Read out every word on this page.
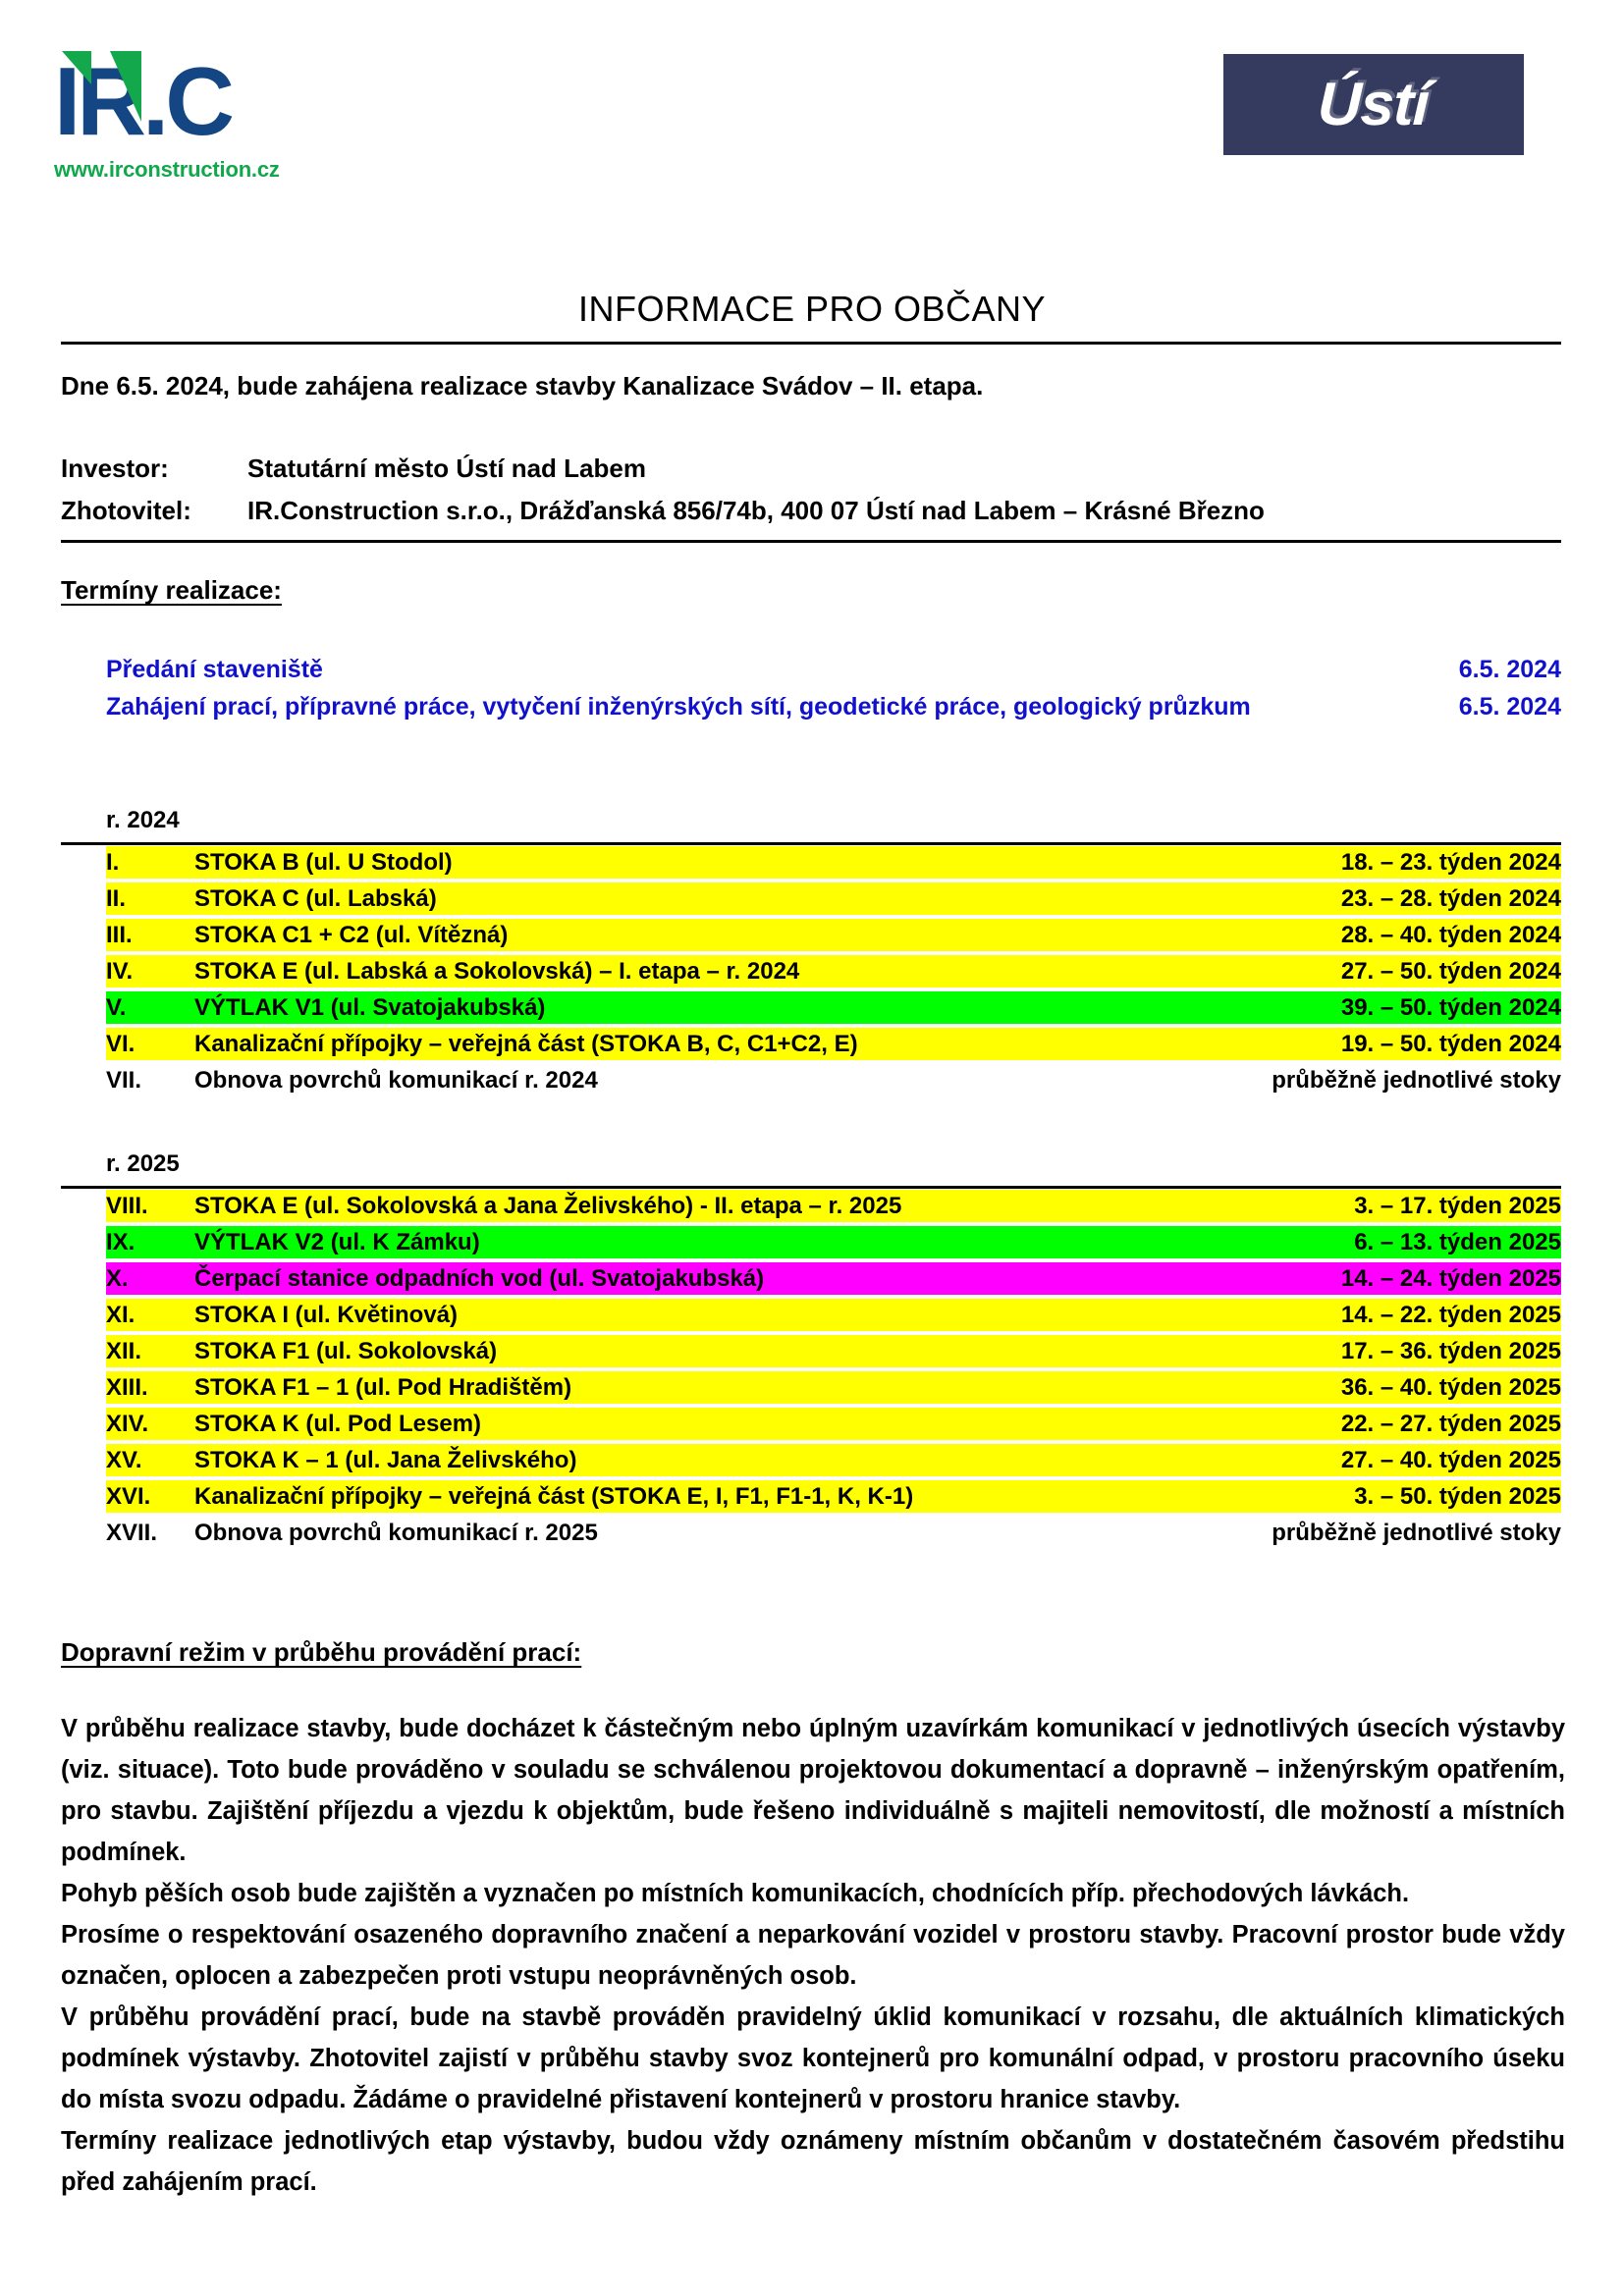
IR.C
www.irconstruction.cz
Ústí
INFORMACE PRO OBČANY
Dne 6.5. 2024, bude zahájena realizace stavby Kanalizace Svádov – II. etapa.
Investor:	Statutární město Ústí nad Labem
Zhotovitel: IR.Construction s.r.o., Drážďanská 856/74b, 400 07 Ústí nad Labem – Krásné Březno
Termíny realizace:
Předání staveniště	6.5. 2024
Zahájení prací, přípravné práce, vytyčení inženýrských sítí, geodetické práce, geologický průzkum	6.5. 2024
r. 2024
I.	STOKA B (ul. U Stodol)	18. – 23. týden 2024
II.	STOKA C (ul. Labská)	23. – 28. týden 2024
III.	STOKA C1 + C2 (ul. Vítězná)	28. – 40. týden 2024
IV.	STOKA E (ul. Labská a Sokolovská) – I. etapa – r. 2024	27. – 50. týden 2024
V.	VÝTLAK V1 (ul. Svatojakubská)	39. – 50. týden 2024
VI.	Kanalizační přípojky – veřejná část (STOKA B, C, C1+C2, E)	19. – 50. týden 2024
VII.	Obnova povrchů komunikací r. 2024	průběžně jednotlivé stoky
r. 2025
VIII.	STOKA E (ul. Sokolovská a Jana Želivského) - II. etapa – r. 2025	3. – 17. týden 2025
IX.	VÝTLAK V2 (ul. K Zámku)	6. – 13. týden 2025
X.	Čerpací stanice odpadních vod (ul. Svatojakubská)	14. – 24. týden 2025
XI.	STOKA I (ul. Květinová)	14. – 22. týden 2025
XII.	STOKA F1 (ul. Sokolovská)	17. – 36. týden 2025
XIII.	STOKA F1 – 1 (ul. Pod Hradištěm)	36. – 40. týden 2025
XIV.	STOKA K (ul. Pod Lesem)	22. – 27. týden 2025
XV.	STOKA K – 1 (ul. Jana Želivského)	27. – 40. týden 2025
XVI.	Kanalizační přípojky – veřejná část (STOKA E, I, F1, F1-1, K, K-1)	3. – 50. týden 2025
XVII.	Obnova povrchů komunikací r. 2025	průběžně jednotlivé stoky
Dopravní režim v průběhu provádění prací:

V průběhu realizace stavby, bude docházet k částečným nebo úplným uzavírkám komunikací v jednotlivých úsecích výstavby (viz. situace). Toto bude prováděno v souladu se schválenou projektovou dokumentací a dopravně – inženýrským opatřením, pro stavbu. Zajištění příjezdu a vjezdu k objektům, bude řešeno individuálně s majiteli nemovitostí, dle možností a místních podmínek.

Pohyb pěších osob bude zajištěn a vyznačen po místních komunikacích, chodnících příp. přechodových lávkách.

Prosíme o respektování osazeného dopravního značení a neparkování vozidel v prostoru stavby. Pracovní prostor bude vždy označen, oplocen a zabezpečen proti vstupu neoprávněných osob.

V průběhu provádění prací, bude na stavbě prováděn pravidelný úklid komunikací v rozsahu, dle aktuálních klimatických podmínek výstavby. Zhotovitel zajistí v průběhu stavby svoz kontejnerů pro komunální odpad, v prostoru pracovního úseku do místa svozu odpadu. Žádáme o pravidelné přistavení kontejnerů v prostoru hranice stavby.

Termíny realizace jednotlivých etap výstavby, budou vždy oznámeny místním občanům v dostatečném časovém předstihu před zahájením prací.
